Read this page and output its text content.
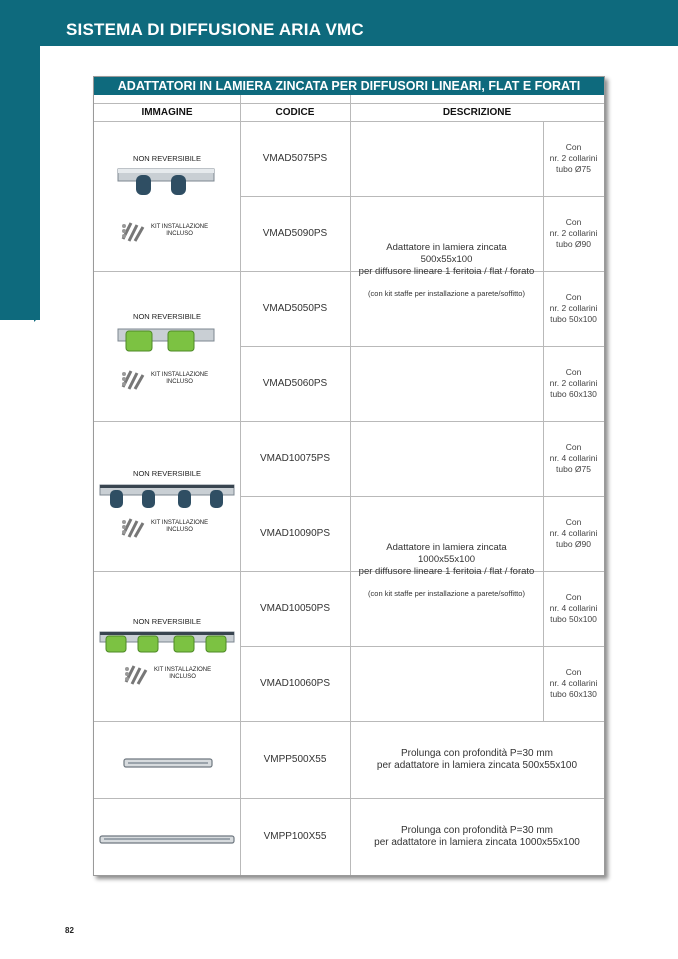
SISTEMA DI DIFFUSIONE ARIA VMC
ADATTATORI IN LAMIERA ZINCATA PER DIFFUSORI LINEARI, FLAT E FORATI
IMMAGINE	CODICE	DESCRIZIONE
NON REVERSIBILE
KIT INSTALLAZIONE
INCLUSO
NON REVERSIBILE
KIT INSTALLAZIONE
INCLUSO
NON REVERSIBILE
KIT INSTALLAZIONE
INCLUSO
NON REVERSIBILE
KIT INSTALLAZIONE
INCLUSO
VMAD5075PS
VMAD5090PS
VMAD5050PS
VMAD5060PS
VMAD10075PS
VMAD10090PS
VMAD10050PS
VMAD10060PS
VMPP500X55
VMPP100X55
Adattatore in lamiera zincata
500x55x100
per diffusore lineare 1 feritoia / flat / forato
(con kit staffe per installazione a parete/soffitto)
Adattatore in lamiera zincata
1000x55x100
per diffusore lineare 1 feritoia / flat / forato
(con kit staffe per installazione a parete/soffitto)
Con
nr. 2 collarini
tubo Ø75
Con
nr. 2 collarini
tubo Ø90
Con
nr. 2 collarini
tubo 50x100
Con
nr. 2 collarini
tubo 60x130
Con
nr. 4 collarini
tubo Ø75
Con
nr. 4 collarini
tubo Ø90
Con
nr. 4 collarini
tubo 50x100
Con
nr. 4 collarini
tubo 60x130
Prolunga con profondità P=30 mm
per adattatore in lamiera zincata 500x55x100
Prolunga con profondità P=30 mm
per adattatore in lamiera zincata 1000x55x100
82
